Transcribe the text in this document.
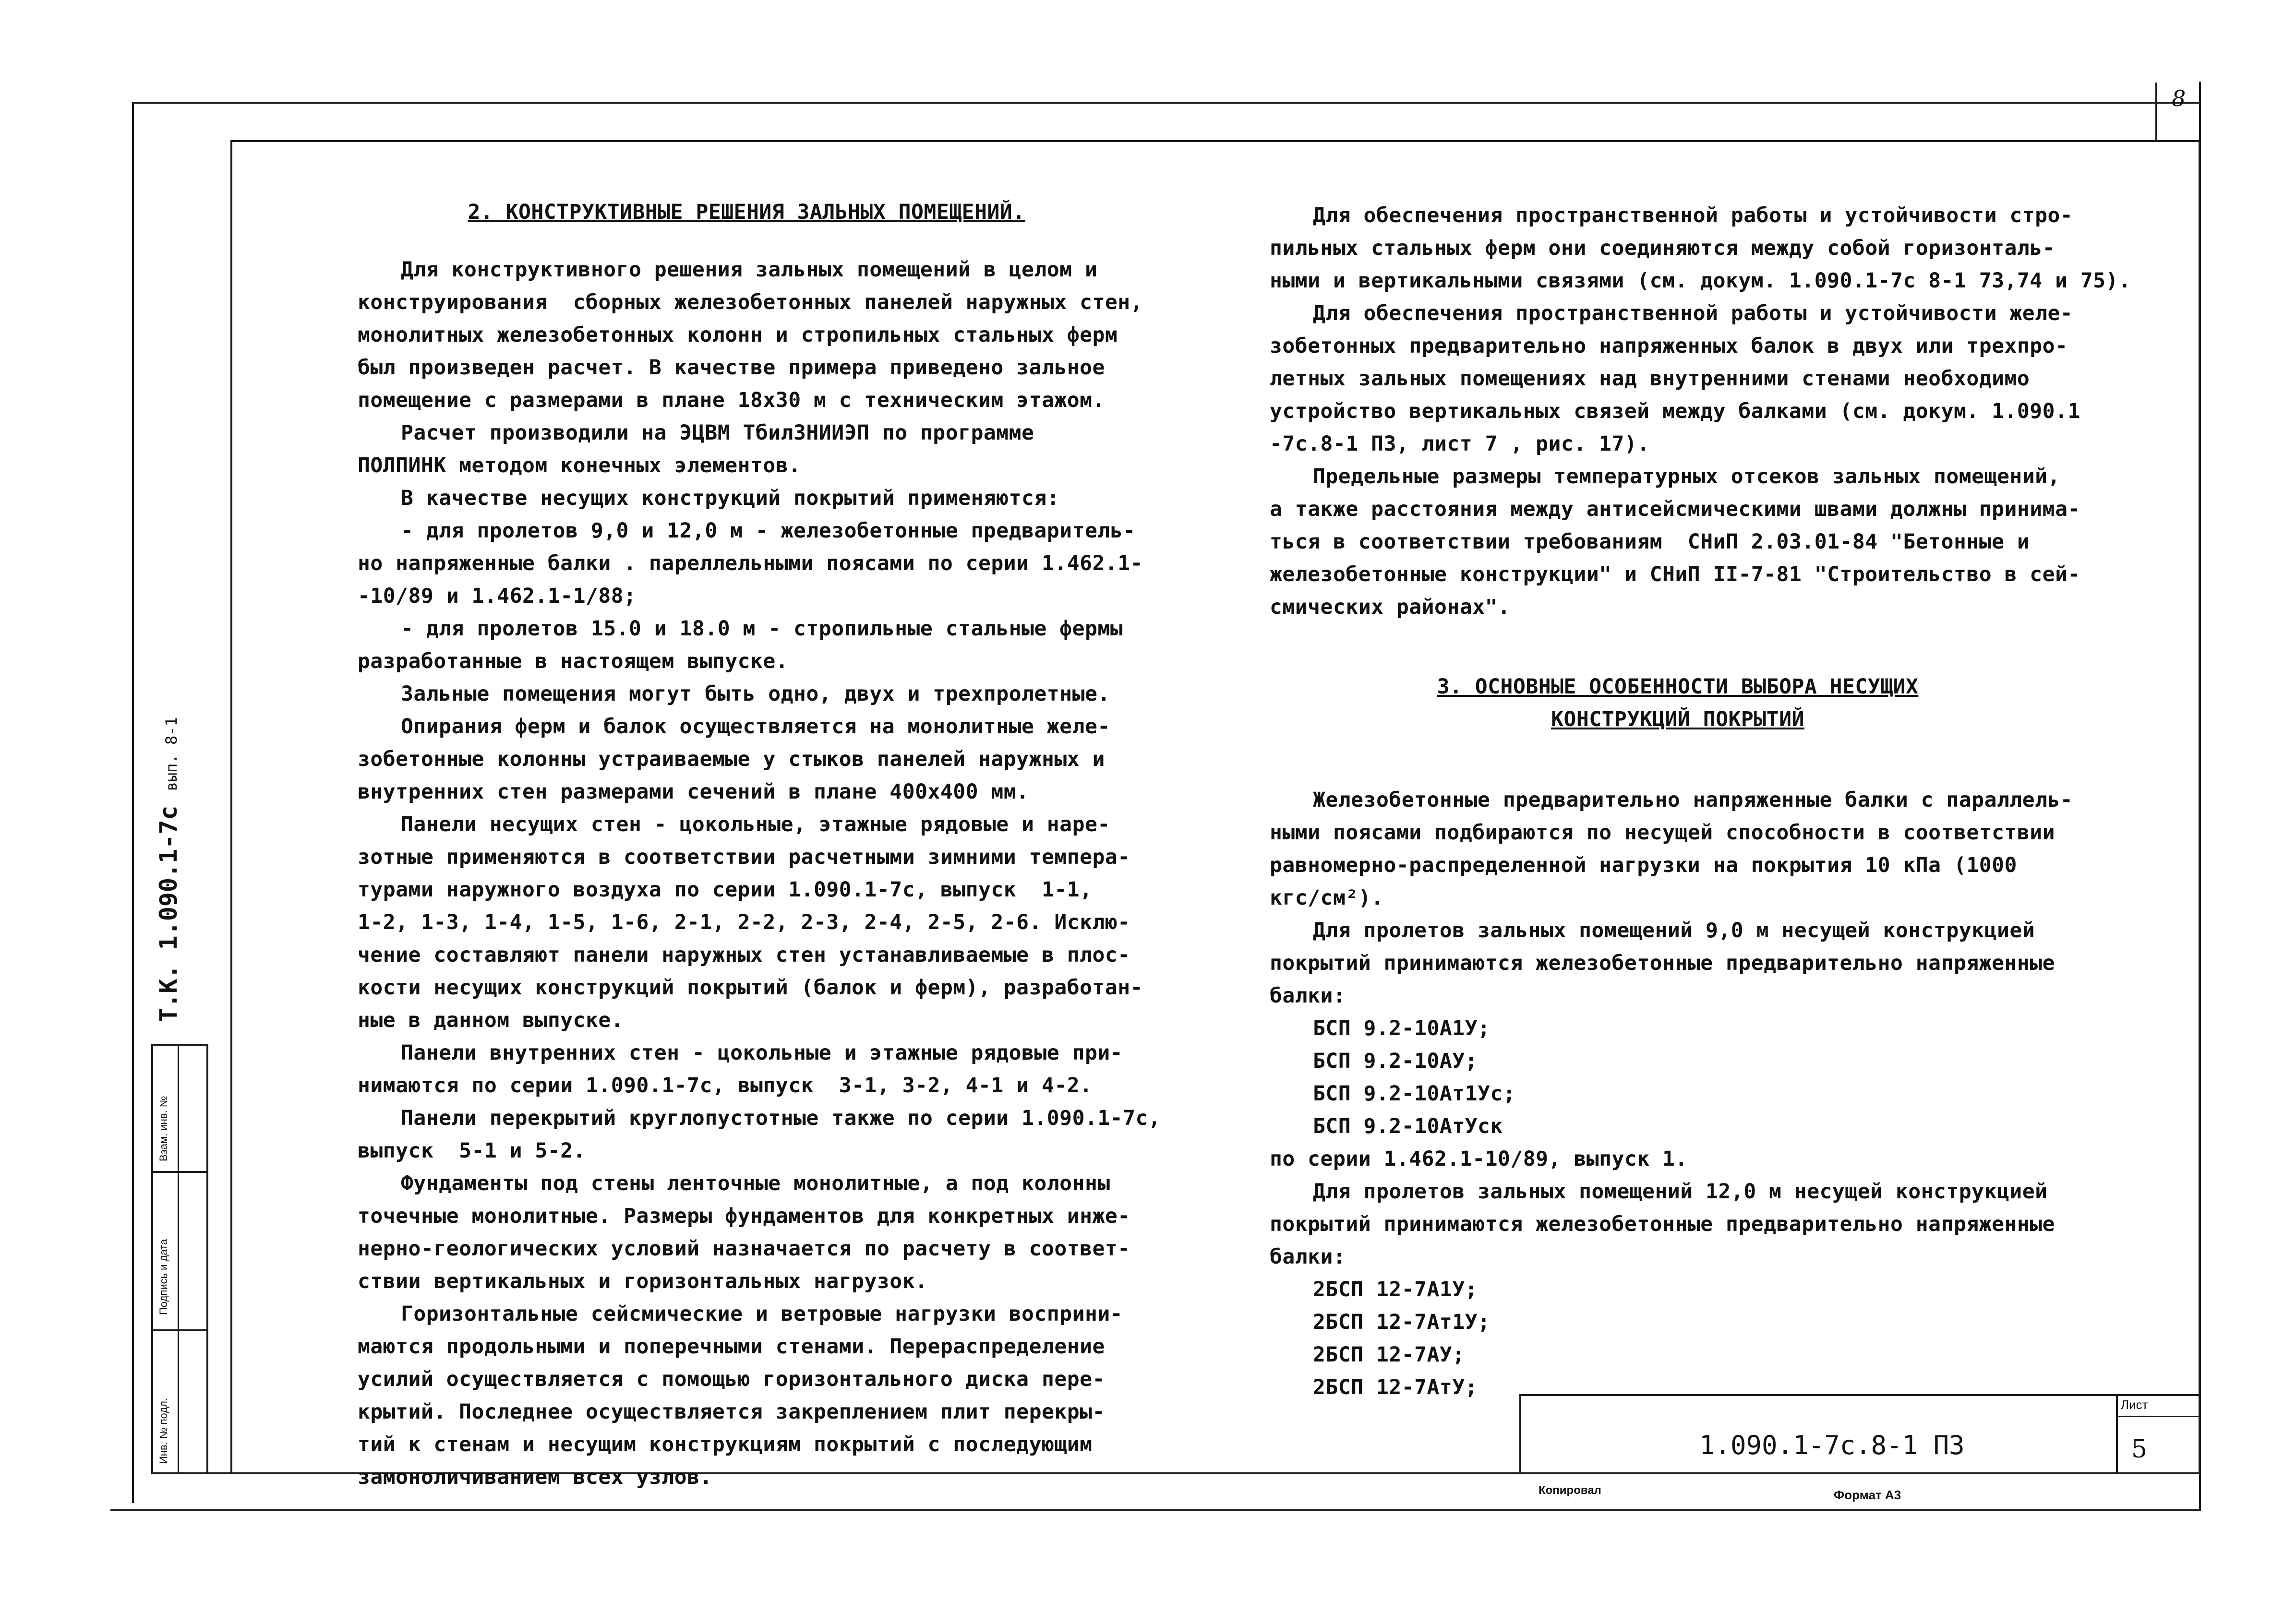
8
Инв. № подл.
Подпись и дата
Взам. инв. №
Т.К. 1.090.1-7с вып. 8-1

2. КОНСТРУКТИВНЫЕ РЕШЕНИЯ ЗАЛЬНЫХ ПОМЕЩЕНИЙ.

Для конструктивного решения зальных помещений в целом и

конструирования  сборных железобетонных панелей наружных стен,

монолитных железобетонных колонн и стропильных стальных ферм

был произведен расчет. В качестве примера приведено зальное

помещение с размерами в плане 18х30 м с техническим этажом.

Расчет производили на ЭЦВМ ТбилЗНИИЭП по программе

ПОЛПИНК методом конечных элементов.

В качестве несущих конструкций покрытий применяются:

- для пролетов 9,0 и 12,0 м - железобетонные предваритель-

но напряженные балки . пареллельными поясами по серии 1.462.1-

-10/89 и 1.462.1-1/88;

- для пролетов 15.0 и 18.0 м - стропильные стальные фермы

разработанные в настоящем выпуске.

Зальные помещения могут быть одно, двух и трехпролетные.

Опирания ферм и балок осуществляется на монолитные желе-

зобетонные колонны устраиваемые у стыков панелей наружных и

внутренних стен размерами сечений в плане 400х400 мм.

Панели несущих стен - цокольные, этажные рядовые и наре-

зотные применяются в соответствии расчетными зимними темпера-

турами наружного воздуха по серии 1.090.1-7с, выпуск  1-1,

1-2, 1-3, 1-4, 1-5, 1-6, 2-1, 2-2, 2-3, 2-4, 2-5, 2-6. Исклю-

чение составляют панели наружных стен устанавливаемые в плос-

кости несущих конструкций покрытий (балок и ферм), разработан-

ные в данном выпуске.

Панели внутренних стен - цокольные и этажные рядовые при-

нимаются по серии 1.090.1-7с, выпуск  3-1, 3-2, 4-1 и 4-2.

Панели перекрытий круглопустотные также по серии 1.090.1-7с,

выпуск  5-1 и 5-2.

Фундаменты под стены ленточные монолитные, а под колонны

точечные монолитные. Размеры фундаментов для конкретных инже-

нерно-геологических условий назначается по расчету в соответ-

ствии вертикальных и горизонтальных нагрузок.

Горизонтальные сейсмические и ветровые нагрузки восприни-

маются продольными и поперечными стенами. Перераспределение

усилий осуществляется с помощью горизонтального диска пере-

крытий. Последнее осуществляется закреплением плит перекры-

тий к стенам и несущим конструкциям покрытий с последующим

замоноличиванием всех узлов.

Для обеспечения пространственной работы и устойчивости стро-

пильных стальных ферм они соединяются между собой горизонталь-

ными и вертикальными связями (см. докум. 1.090.1-7с 8-1 73,74 и 75).

Для обеспечения пространственной работы и устойчивости желе-

зобетонных предварительно напряженных балок в двух или трехпро-

летных зальных помещениях над внутренними стенами необходимо

устройство вертикальных связей между балками (см. докум. 1.090.1

-7с.8-1 ПЗ, лист 7 , рис. 17).

Предельные размеры температурных отсеков зальных помещений,

а также расстояния между антисейсмическими швами должны принима-

ться в соответствии требованиям  СНиП 2.03.01-84 "Бетонные и

железобетонные конструкции" и СНиП II-7-81 "Строительство в сей-

смических районах".

3. ОСНОВНЫЕ ОСОБЕННОСТИ ВЫБОРА НЕСУЩИХ

КОНСТРУКЦИЙ ПОКРЫТИЙ

Железобетонные предварительно напряженные балки с параллель-

ными поясами подбираются по несущей способности в соответствии

равномерно-распределенной нагрузки на покрытия 10 кПа (1000

кгс/см²).

Для пролетов зальных помещений 9,0 м несущей конструкцией

покрытий принимаются железобетонные предварительно напряженные

балки:

БСП 9.2-10А1У;

БСП 9.2-10АУ;

БСП 9.2-10Ат1Ус;

БСП 9.2-10АтУск

по серии 1.462.1-10/89, выпуск 1.

Для пролетов зальных помещений 12,0 м несущей конструкцией

покрытий принимаются железобетонные предварительно напряженные

балки:

2БСП 12-7А1У;

2БСП 12-7Ат1У;

2БСП 12-7АУ;

2БСП 12-7АтУ;

1.090.1-7с.8-1 ПЗ
Лист
5
Копировал	Формат А3
